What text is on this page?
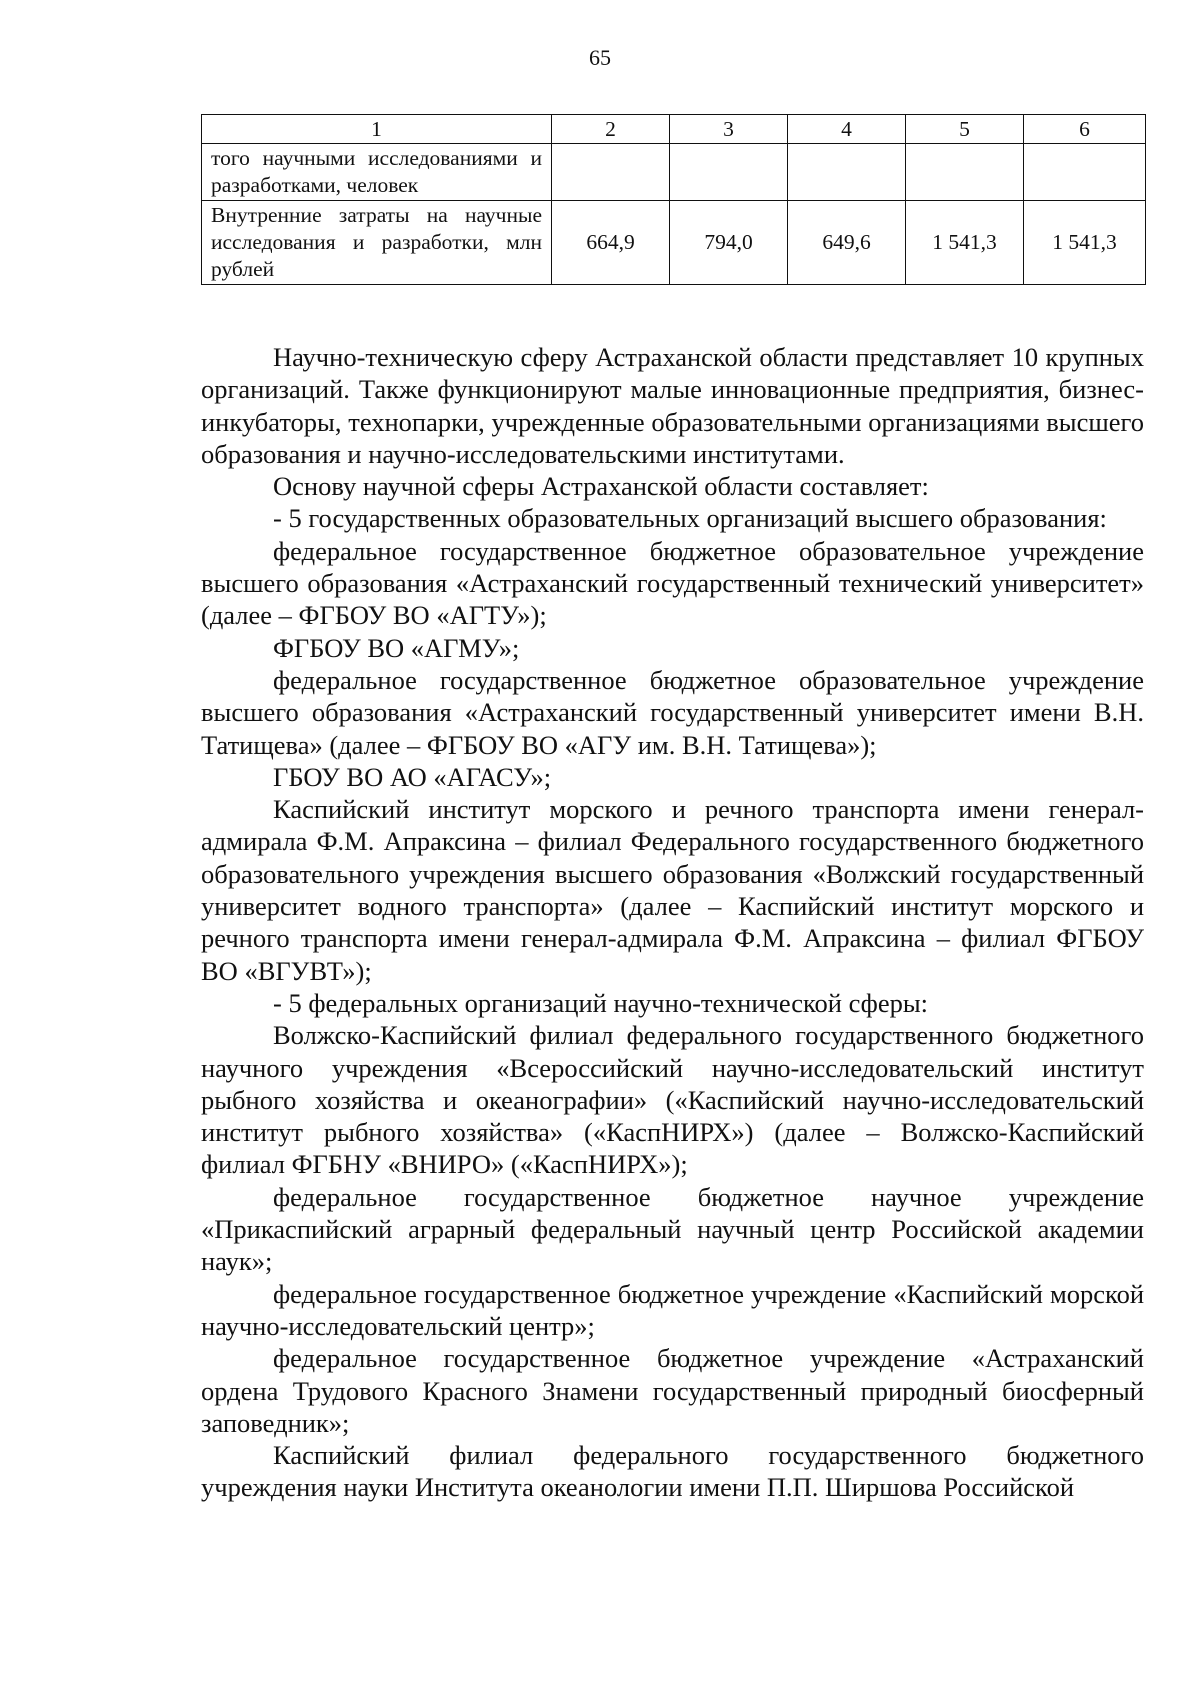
65
1	2	3	4	5	6
того научными исследованиями и разработками, человек					
Внутренние затраты на научные исследования и разработки, млн рублей	664,9	794,0	649,6	1 541,3	1 541,3

Научно-техническую сферу Астраханской области представляет 10 крупных организаций. Также функционируют малые инновационные предприятия, бизнес-инкубаторы, технопарки, учрежденные образовательными организациями высшего образования и научно-исследовательскими институтами.

Основу научной сферы Астраханской области составляет:

- 5 государственных образовательных организаций высшего образования:

федеральное государственное бюджетное образовательное учреждение высшего образования «Астраханский государственный технический университет» (далее – ФГБОУ ВО «АГТУ»);

ФГБОУ ВО «АГМУ»;

федеральное государственное бюджетное образовательное учреждение высшего образования «Астраханский государственный университет имени В.Н. Татищева» (далее – ФГБОУ ВО «АГУ им. В.Н. Татищева»);

ГБОУ ВО АО «АГАСУ»;

Каспийский институт морского и речного транспорта имени генерал-адмирала Ф.М. Апраксина – филиал Федерального государственного бюджетного образовательного учреждения высшего образования «Волжский государственный университет водного транспорта» (далее – Каспийский институт морского и речного транспорта имени генерал-адмирала Ф.М. Апраксина – филиал ФГБОУ ВО «ВГУВТ»);

- 5 федеральных организаций научно-технической сферы:

Волжско-Каспийский филиал федерального государственного бюджетного научного учреждения «Всероссийский научно-исследовательский институт рыбного хозяйства и океанографии» («Каспийский научно-исследовательский институт рыбного хозяйства» («КаспНИРХ») (далее – Волжско-Каспийский филиал ФГБНУ «ВНИРО» («КаспНИРХ»);

федеральное государственное бюджетное научное учреждение «Прикаспийский аграрный федеральный научный центр Российской академии наук»;

федеральное государственное бюджетное учреждение «Каспийский морской научно-исследовательский центр»;

федеральное государственное бюджетное учреждение «Астраханский ордена Трудового Красного Знамени государственный природный биосферный заповедник»;

Каспийский филиал федерального государственного бюджетного учреждения науки Института океанологии имени П.П. Ширшова Российской
